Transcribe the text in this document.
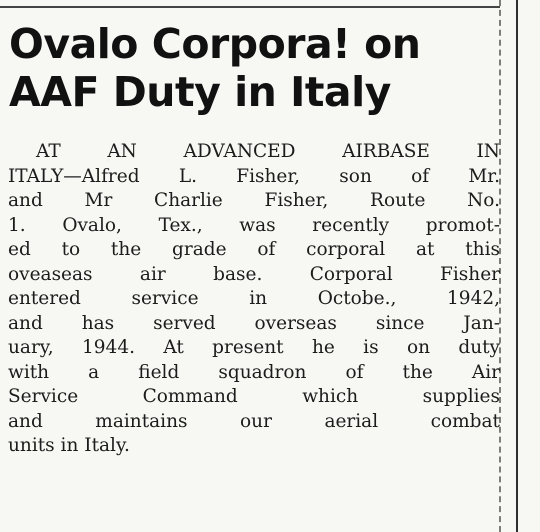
Ovalo Corpora! on
AAF Duty in Italy
AT AN ADVANCED AIRBASE IN
ITALY—Alfred L. Fisher, son of Mr.
and Mr Charlie Fisher, Route No.
1. Ovalo, Tex., was recently promot-
ed to the grade of corporal at this
oveaseas air base. Corporal Fisher
entered service in Octobe., 1942,
and has served overseas since Jan-
uary, 1944. At present he is on duty
with a field squadron of the Air
Service Command which supplies
and maintains our aerial combat
units in Italy.
